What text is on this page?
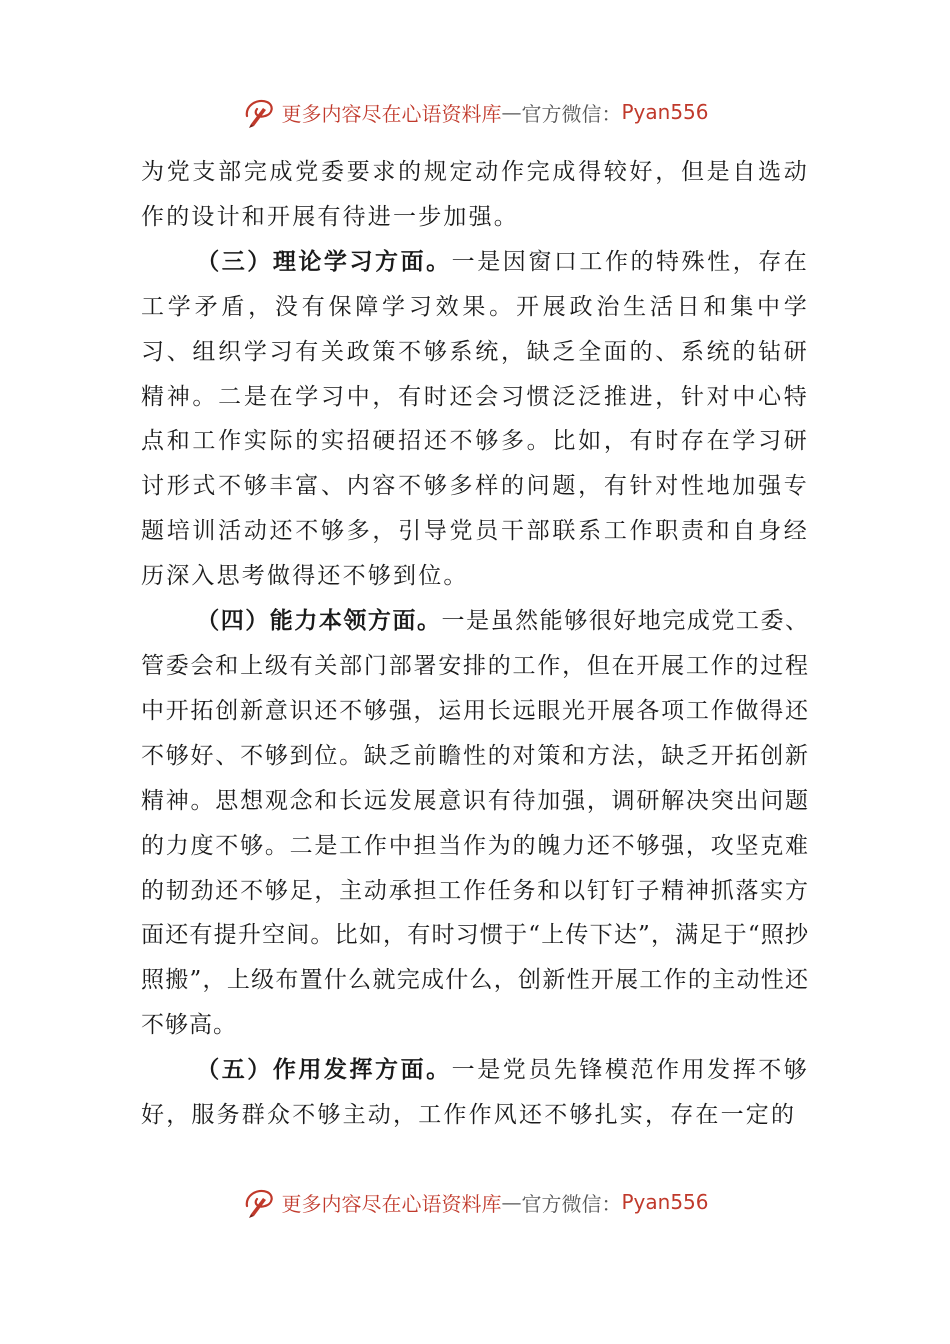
更多内容尽在心语资料库 — 官方微信： Pyan556

为党支部完成党委要求的规定动作完成得较好，但是自选动作的设计和开展有待进一步加强。

（三）理论学习方面。一是因窗口工作的特殊性，存在工学矛盾，没有保障学习效果。开展政治生活日和集中学习、组织学习有关政策不够系统，缺乏全面的、系统的钻研精神。二是在学习中，有时还会习惯泛泛推进，针对中心特点和工作实际的实招硬招还不够多。比如，有时存在学习研讨形式不够丰富、内容不够多样的问题，有针对性地加强专题培训活动还不够多，引导党员干部联系工作职责和自身经历深入思考做得还不够到位。

（四）能力本领方面。一是虽然能够很好地完成党工委、管委会和上级有关部门部署安排的工作，但在开展工作的过程中开拓创新意识还不够强，运用长远眼光开展各项工作做得还不够好、不够到位。缺乏前瞻性的对策和方法，缺乏开拓创新精神。思想观念和长远发展意识有待加强，调研解决突出问题的力度不够。二是工作中担当作为的魄力还不够强，攻坚克难的韧劲还不够足，主动承担工作任务和以钉钉子精神抓落实方面还有提升空间。比如，有时习惯于“上传下达”，满足于“照抄照搬”，上级布置什么就完成什么，创新性开展工作的主动性还不够高。

（五）作用发挥方面。一是党员先锋模范作用发挥不够好，服务群众不够主动，工作作风还不够扎实，存在一定的

更多内容尽在心语资料库 — 官方微信： Pyan556
